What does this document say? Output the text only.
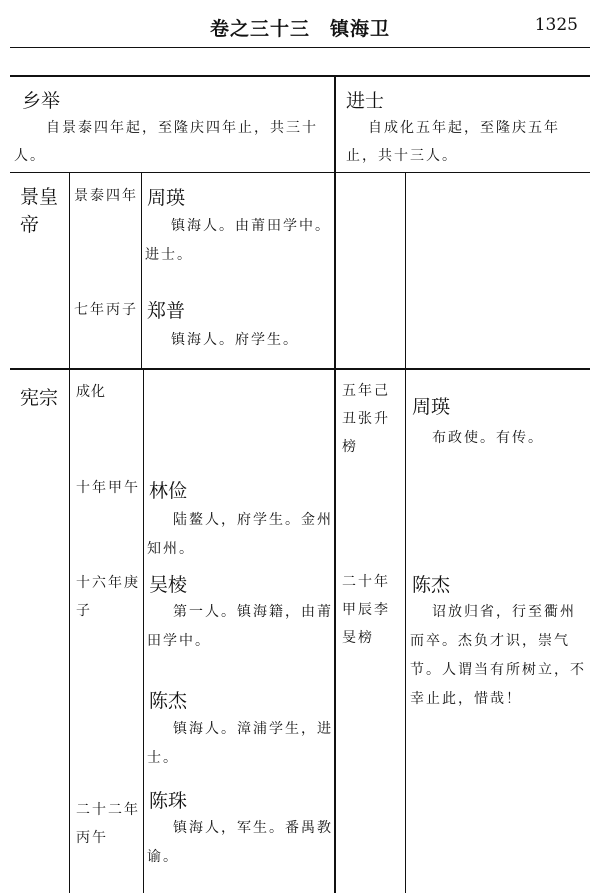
卷之三十三　镇海卫	1325
乡举
自景泰四年起，至隆庆四年止，共三十人。
进士
自成化五年起，至隆庆五年止，共十三人。
景皇帝
景泰四年 周瑛
镇海人。由莆田学中。进士。
七年丙子 郑普
镇海人。府学生。
宪宗	成化
十年甲午 林俭
陆鳌人，府学生。金州知州。
十六年庚子
吴棱
第一人。镇海籍，由莆田学中。
陈杰
镇海人。漳浦学生，进士。
二十二年丙午
陈珠
镇海人，军生。番禺教谕。
五年己丑张升榜
周瑛
布政使。有传。
二十年甲辰李旻榜
陈杰
诏放归省，行至衢州而卒。杰负才识，崇气节。人谓当有所树立，不幸止此，惜哉！
